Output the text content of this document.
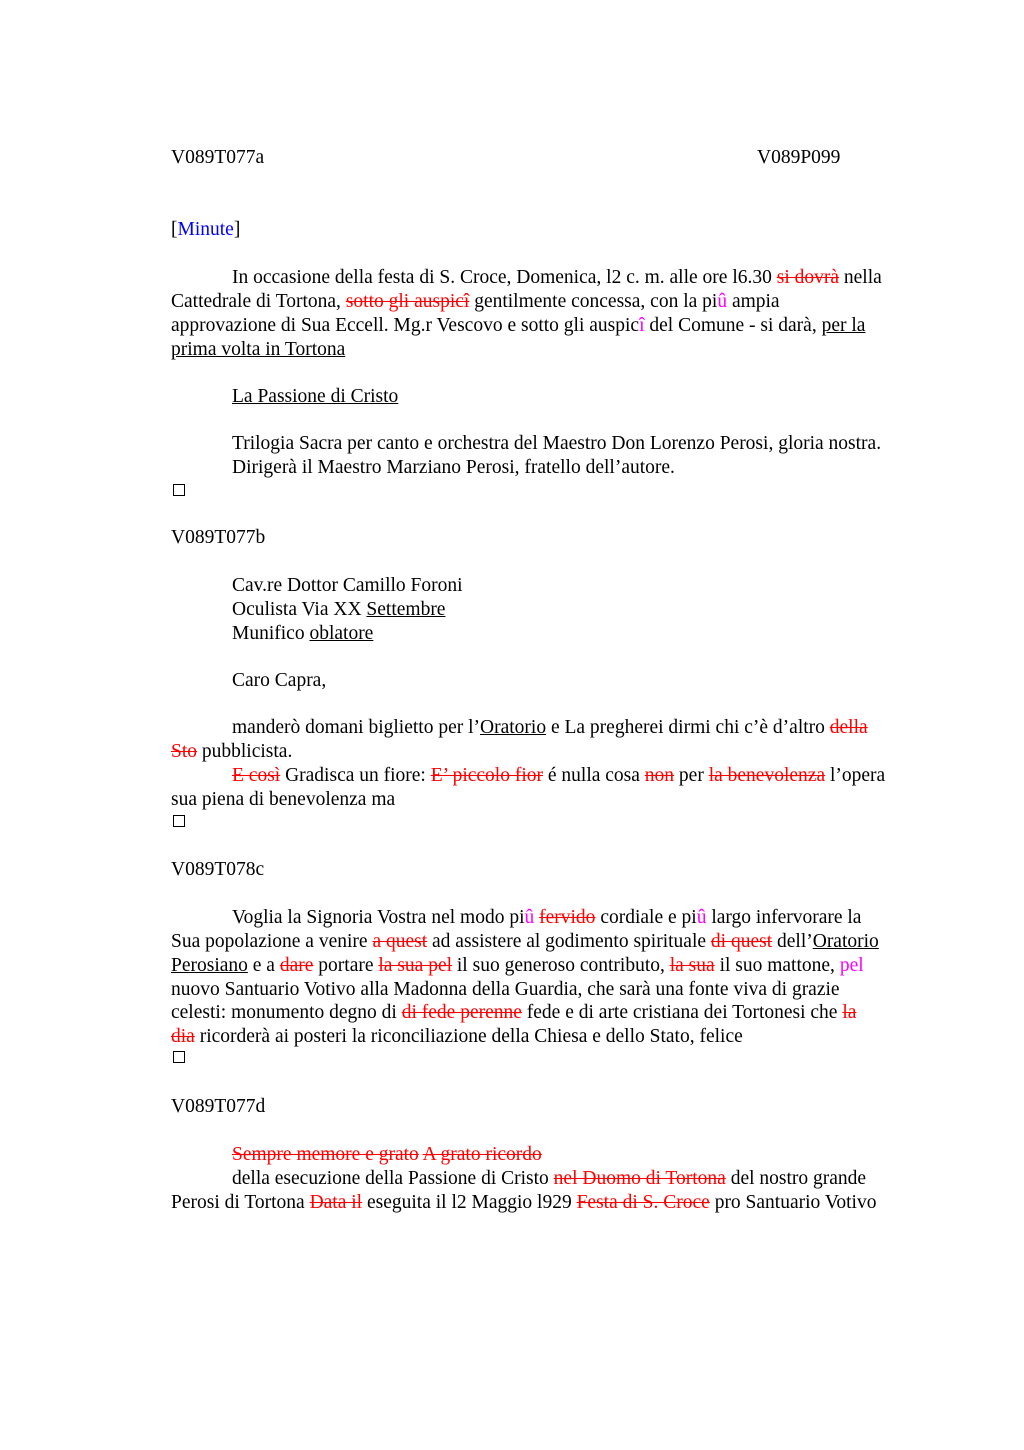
V089T077a	V089P099
[Minute]
In occasione della festa di S. Croce, Domenica, l2 c. m. alle ore l6.30 si dovrà nella
Cattedrale di Tortona, sotto gli auspicî gentilmente concessa, con la piû ampia
approvazione di Sua Eccell. Mg.r Vescovo e sotto gli auspicî del Comune - si darà, per la
prima volta in Tortona
La Passione di Cristo
Trilogia Sacra per canto e orchestra del Maestro Don Lorenzo Perosi, gloria nostra.
Dirigerà il Maestro Marziano Perosi, fratello dell’autore.
V089T077b
Cav.re Dottor Camillo Foroni
Oculista Via XX Settembre
Munifico oblatore
Caro Capra,
manderò domani biglietto per l’Oratorio e La pregherei dirmi chi c’è d’altro della
Sto pubblicista.
E così Gradisca un fiore: E’ piccolo fior é nulla cosa non per la benevolenza l’opera
sua piena di benevolenza ma
V089T078c
Voglia la Signoria Vostra nel modo piû fervido cordiale e piû largo infervorare la
Sua popolazione a venire a quest ad assistere al godimento spirituale di quest dell’Oratorio
Perosiano e a dare portare la sua pel il suo generoso contributo, la sua il suo mattone, pel
nuovo Santuario Votivo alla Madonna della Guardia, che sarà una fonte viva di grazie
celesti: monumento degno di di fede perenne fede e di arte cristiana dei Tortonesi che la
dia ricorderà ai posteri la riconciliazione della Chiesa e dello Stato, felice
V089T077d
Sempre memore e grato A grato ricordo
della esecuzione della Passione di Cristo nel Duomo di Tortona del nostro grande
Perosi di Tortona Data il eseguita il l2 Maggio l929 Festa di S. Croce pro Santuario Votivo
